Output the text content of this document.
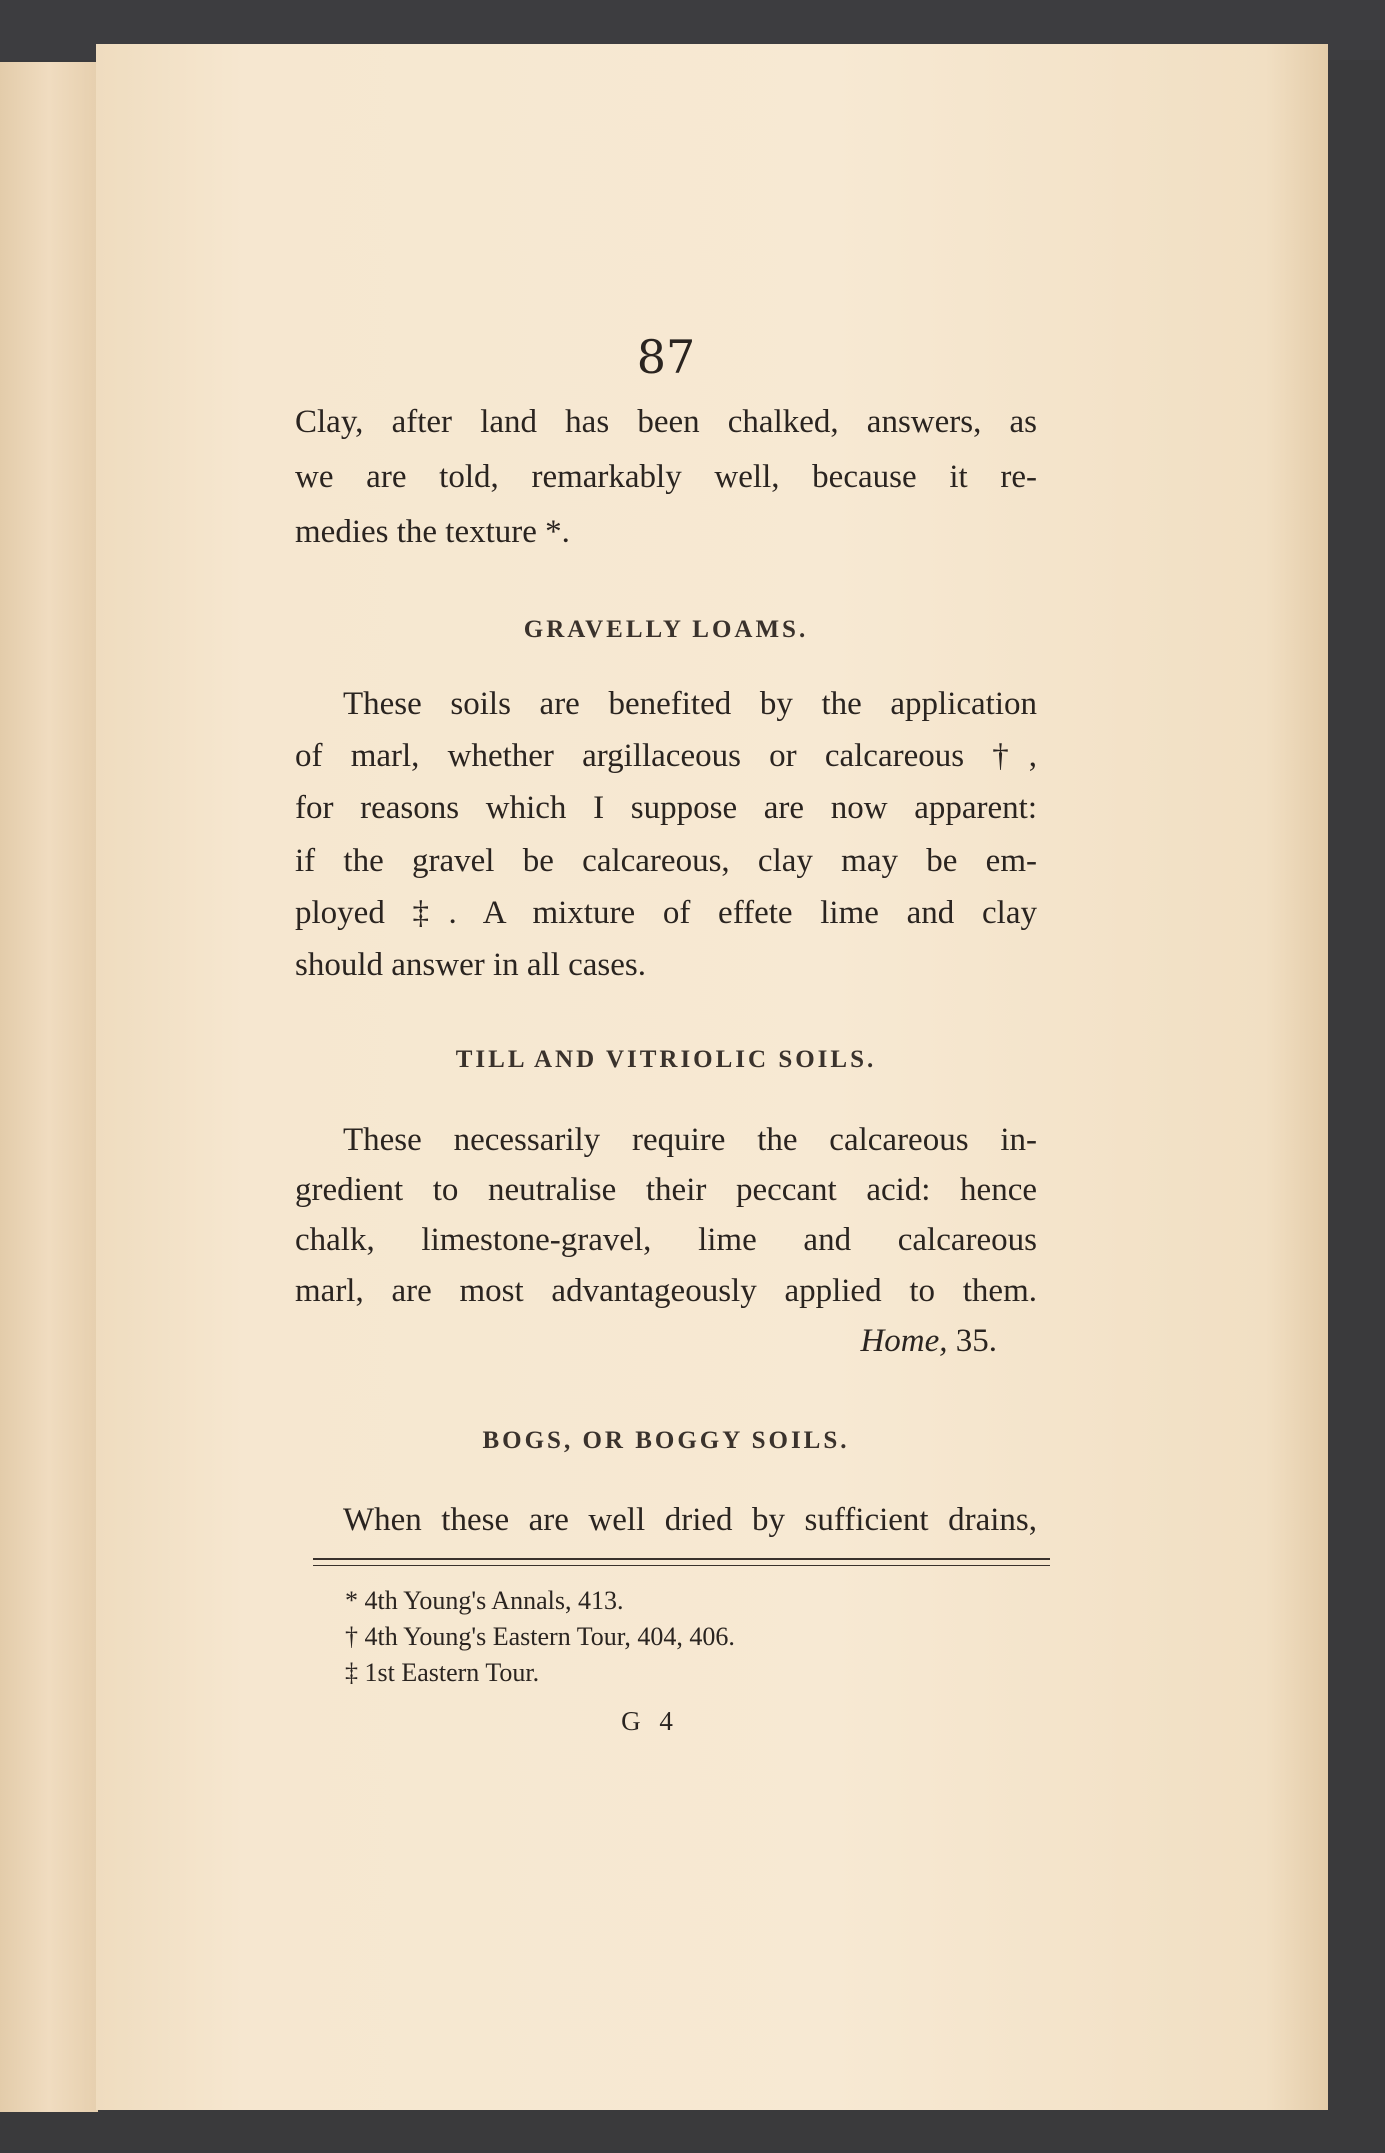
87
Clay, after land has been chalked, answers, as
we are told, remarkably well, because it re-
medies the texture *.
GRAVELLY LOAMS.
These soils are benefited by the application
of marl, whether argillaceous or calcareous †,
for reasons which I suppose are now apparent:
if the gravel be calcareous, clay may be em-
ployed ‡. A mixture of effete lime and clay
should answer in all cases.
TILL AND VITRIOLIC SOILS.
These necessarily require the calcareous in-
gredient to neutralise their peccant acid: hence
chalk, limestone-gravel, lime and calcareous
marl, are most advantageously applied to them.
Home, 35.
BOGS, OR BOGGY SOILS.
When these are well dried by sufficient drains,
* 4th Young's Annals, 413.
† 4th Young's Eastern Tour, 404, 406.
‡ 1st Eastern Tour.
G 4
